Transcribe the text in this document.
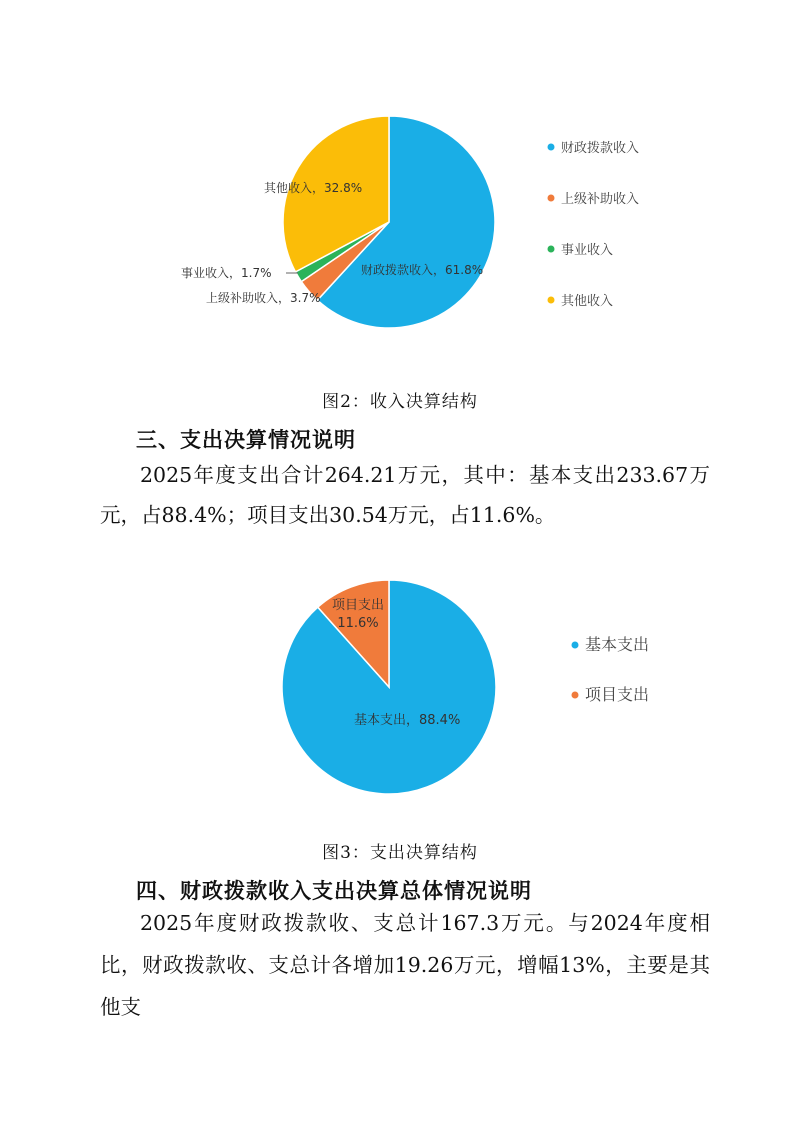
财政拨款收入
上级补助收入
事业收入
其他收入
财政拨款收入，61.8%
上级补助收入，3.7%
事业收入，1.7%
其他收入，32.8%
图2：收入决算结构
三、支出决算情况说明
2025年度支出合计264.21万元，其中：基本支出233.67万元，占88.4%；项目支出30.54万元，占11.6%。
基本支出
项目支出
基本支出，88.4%
项目支出
11.6%
图3：支出决算结构
四、财政拨款收入支出决算总体情况说明
2025年度财政拨款收、支总计167.3万元。与2024年度相比，财政拨款收、支总计各增加19.26万元，增幅13%，主要是其他支
